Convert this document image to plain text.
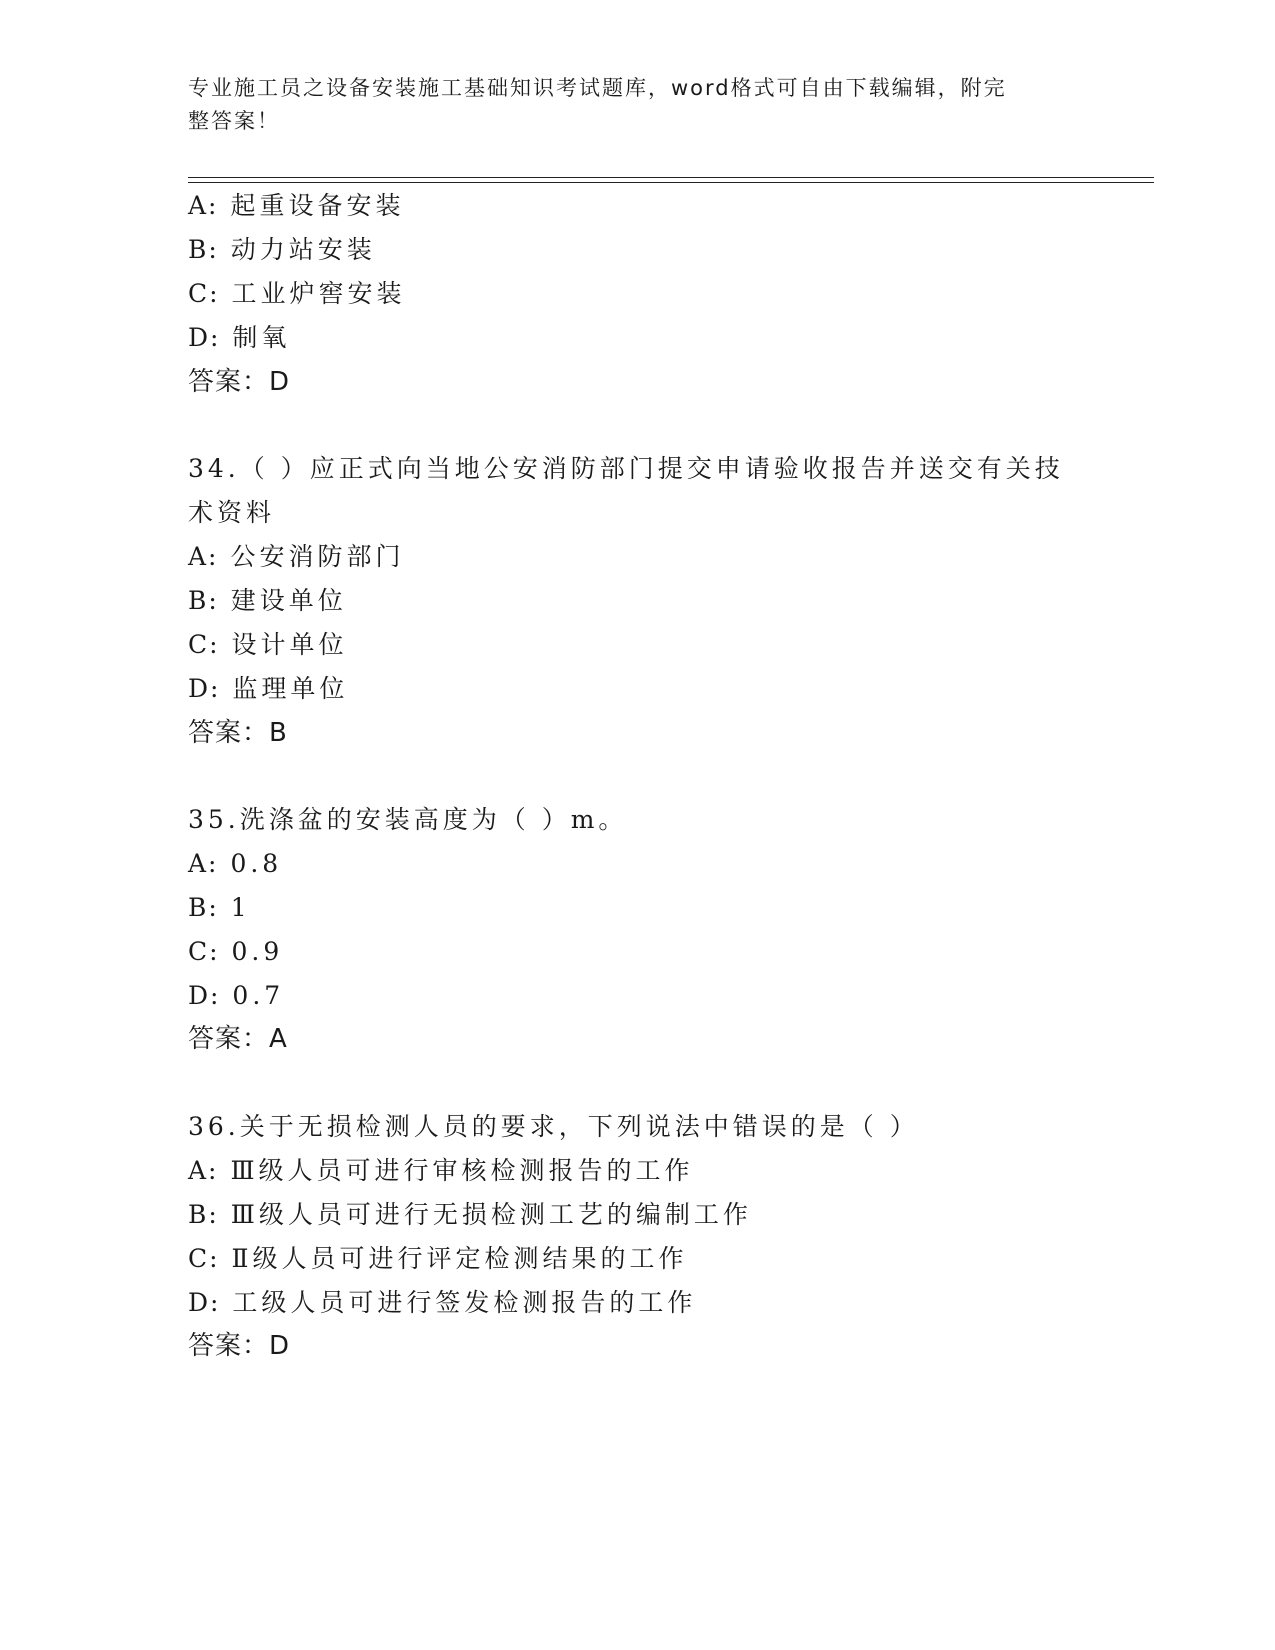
专业施工员之设备安装施工基础知识考试题库，word格式可自由下载编辑，附完
整答案！
A: 起重设备安装
B: 动力站安装
C: 工业炉窖安装
D: 制氧
答案：D
34.（ ）应正式向当地公安消防部门提交申请验收报告并送交有关技
术资料
A: 公安消防部门
B: 建设单位
C: 设计单位
D: 监理单位
答案：B
35.洗涤盆的安装高度为（ ）m。
A: 0.8
B: 1
C: 0.9
D: 0.7
答案：A
36.关于无损检测人员的要求，下列说法中错误的是（ ）
A: Ⅲ级人员可进行审核检测报告的工作
B: Ⅲ级人员可进行无损检测工艺的编制工作
C: Ⅱ级人员可进行评定检测结果的工作
D: 工级人员可进行签发检测报告的工作
答案：D
